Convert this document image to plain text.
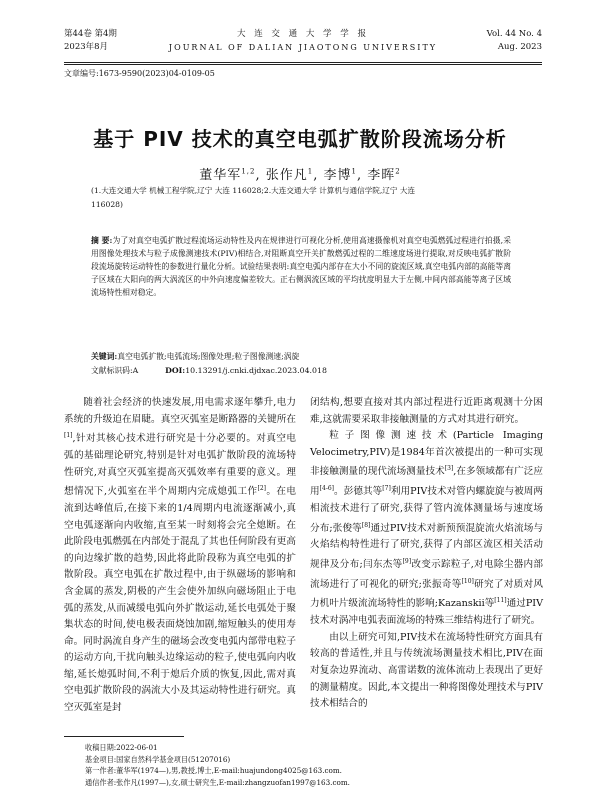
第44卷 第4期
2023年8月
大 连 交 通 大 学 学 报
JOURNAL OF DALIAN JIAOTONG UNIVERSITY
Vol. 44 No. 4
Aug. 2023
文章编号:1673-9590(2023)04-0109-05
基于 PIV 技术的真空电弧扩散阶段流场分析
董华军$^{1,2}$, 张作凡$^1$, 李博$^1$, 李晖$^2$
(1.大连交通大学 机械工程学院,辽宁 大连 116028;2.大连交通大学 计算机与通信学院,辽宁 大连
116028)
摘 要:为了对真空电弧扩散过程流场运动特性及内在规律进行可视化分析,使用高速摄像机对真空电弧燃弧过程进行拍摄,采用图像处理技术与粒子成像测速技术(PIV)相结合,对阻断真空开关扩散燃弧过程的二维速度场进行提取,对反映电弧扩散阶段流场旋转运动特性的参数进行量化分析。试验结果表明:真空电弧内部存在大小不同的旋流区域,真空电弧内部的高能等离子区域在大阳向的两大涡流区的中外向速度偏差较大。正右侧涡流区域的平均扰度明显大于左侧,中间内部高能等离子区域流场特性相对稳定。
关键词:真空电弧扩散;电弧流场;图像处理;粒子图像测速;涡旋
文献标识码:A	DOI:10.13291/j.cnki.djdxac.2023.04.018

随着社会经济的快速发展,用电需求逐年攀升,电力系统的升级迫在眉睫。真空灭弧室是断路器的关键所在[1],针对其核心技术进行研究是十分必要的。对真空电弧的基础理论研究,特别是针对电弧扩散阶段的流场特性研究,对真空灭弧室提高灭弧效率有重要的意义。理想情况下,火弧室在半个周期内完成熄弧工作[2]。在电流到达峰值后,在接下来的1/4周期内电流逐渐减小,真空电弧逐渐向内收缩,直至某一时刻将会完全熄断。在此阶段电弧燃弧在内部处于混乱了其也任何阶段有更高的向边缘扩散的趋势,因此将此阶段称为真空电弧的扩散阶段。真空电弧在扩散过程中,由于纵磁场的影响和含金属的蒸发,阴极的产生会使外加纵向磁场阻止于电弧的蒸发,从而减缓电弧向外扩散运动,延长电弧处于聚集状态的时间,使电极表面烧蚀加剧,缩短触头的使用寿命。同时涡流自身产生的磁场会改变电弧内部带电粒子的运动方向,干扰向触头边缘运动的粒子,使电弧向内收缩,延长熄弧时间,不利于熄后介质的恢复,因此,需对真空电弧扩散阶段的涡流大小及其运动特性进行研究。真空灭弧室是封

闭结构,想要直接对其内部过程进行近距离观测十分困难,这就需要采取非接触测量的方式对其进行研究。

粒子图像测速技术(Particle Imaging Velocimetry,PIV)是1984年首次被提出的一种可实现非接触测量的现代流场测量技术[3],在多领域都有广泛应用[4-6]。彭德其等[7]利用PIV技术对管内螺旋旋与被周两相流技术进行了研究,获得了管内流体测量场与速度场分布;张俊等[8]通过PIV技术对新预预混旋流火焰流场与火焰结构特性进行了研究,获得了内部区流区相关活动规律及分布;闫东杰等[9]改变示踪粒子,对电除尘器内部流场进行了可视化的研究;张振奇等[10]研究了对质对风力机叶片级流流场特性的影响;Kazanskii等[11]通过PIV技术对涡冲电弧表面流场的特殊三维结构进行了研究。

由以上研究可知,PIV技术在流场特性研究方面具有较高的普适性,并且与传统流场测量技术相比,PIV在面对复杂边界流动、高雷诺数的流体流动上表现出了更好的测量精度。因此,本文提出一种将图像处理技术与PIV技术相结合的

收稿日期:2022-06-01
基金项目:国家自然科学基金项目(51207016)
第一作者:董华军(1974—),男,教授,博士,E-mail:huajundong4025@163.com.
通信作者:张作凡(1997—),女,硕士研究生,E-mail:zhangzuofan1997@163.com.
